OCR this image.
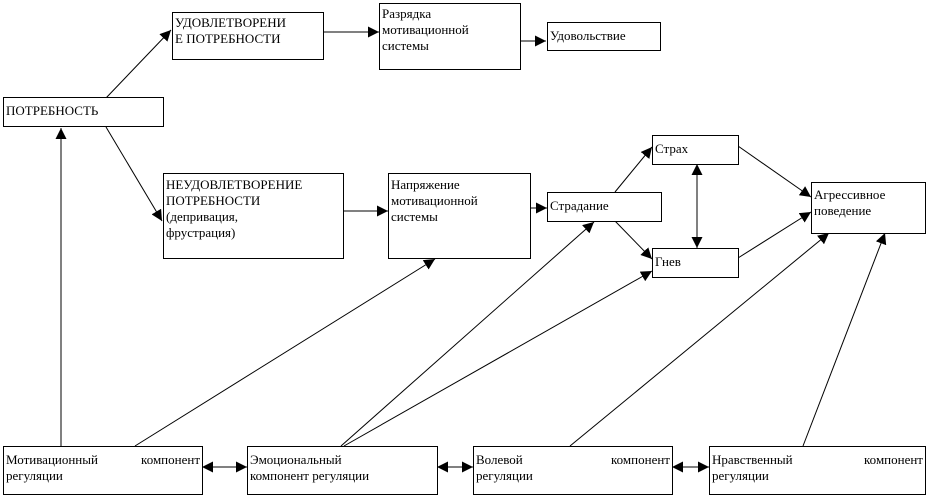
ПОТРЕБНОСТЬ
УДОВЛЕТВОРЕНИ
Е ПОТРЕБНОСТИ
Разрядка
мотивационной
системы
Удовольствие
НЕУДОВЛЕТВОРЕНИЕ
ПОТРЕБНОСТИ
(депривация,
фрустрация)
Напряжение
мотивационной
системы
Страдание
Страх
Гнев
Агрессивное
поведение
Мотивационный компонент
регуляции
Эмоциональный
компонент регуляции
Волевой компонент
регуляции
Нравственный компонент
регуляции
